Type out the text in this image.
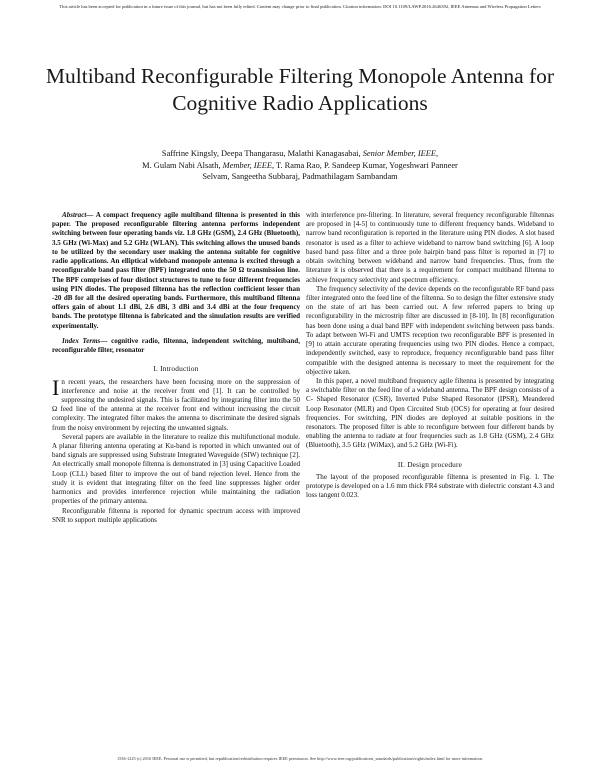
This article has been accepted for publication in a future issue of this journal, but has not been fully edited. Content may change prior to final publication. Citation information: DOI 10.1109/LAWP.2016.2646392, IEEE Antennas and Wireless Propagation Letters
Multiband Reconfigurable Filtering Monopole Antenna for Cognitive Radio Applications
Saffrine Kingsly, Deepa Thangarasu, Malathi Kanagasabai, Senior Member, IEEE,
M. Gulam Nabi Alsath, Member, IEEE, T. Rama Rao, P. Sandeep Kumar, Yogeshwari Panneer
Selvam, Sangeetha Subbaraj, Padmathilagam Sambandam

Abstract— A compact frequency agile multiband filtenna is presented in this paper. The proposed reconfigurable filtering antenna performs independent switching between four operating bands viz. 1.8 GHz (GSM), 2.4 GHz (Bluetooth), 3.5 GHz (Wi-Max) and 5.2 GHz (WLAN). This switching allows the unused bands to be utilized by the secondary user making the antenna suitable for cognitive radio applications. An elliptical wideband monopole antenna is excited through a reconfigurable band pass filter (BPF) integrated onto the 50 Ω transmission line. The BPF comprises of four distinct structures to tune to four different frequencies using PIN diodes. The proposed filtenna has the reflection coefficient lesser than -20 dB for all the desired operating bands. Furthermore, this multiband filtenna offers gain of about 1.1 dBi, 2.6 dBi, 3 dBi and 3.4 dBi at the four frequency bands. The prototype filtenna is fabricated and the simulation results are verified experimentally.

Index Terms— cognitive radio, filtenna, independent switching, multiband, reconfigurable filter, resonator

I. Introduction

In recent years, the researchers have been focusing more on the suppression of interference and noise at the receiver front end [1]. It can be controlled by suppressing the undesired signals. This is facilitated by integrating filter into the 50 Ω feed line of the antenna at the receiver front end without increasing the circuit complexity. The integrated filter makes the antenna to discriminate the desired signals from the noisy environment by rejecting the unwanted signals.

Several papers are available in the literature to realize this multifunctional module. A planar filtering antenna operating at Ku-band is reported in which unwanted out of band signals are suppressed using Substrate Integrated Waveguide (SIW) technique [2]. An electrically small monopole filtenna is demonstrated in [3] using Capacitive Loaded Loop (CLL) based filter to improve the out of band rejection level. Hence from the study it is evident that integrating filter on the feed line suppresses higher order harmonics and provides interference rejection while maintaining the radiation properties of the primary antenna.

Reconfigurable filtenna is reported for dynamic spectrum access with improved SNR to support multiple applications

with interference pre-filtering. In literature, several frequency reconfigurable filtennas are proposed in [4-5] to continuously tune to different frequency bands. Wideband to narrow band reconfiguration is reported in the literature using PIN diodes. A slot based resonator is used as a filter to achieve wideband to narrow band switching [6]. A loop based band pass filter and a three pole hairpin band pass filter is reported in [7] to obtain switching between wideband and narrow band frequencies. Thus, from the literature it is observed that there is a requirement for compact multiband filtenna to achieve frequency selectivity and spectrum efficiency.

The frequency selectivity of the device depends on the reconfigurable RF band pass filter integrated onto the feed line of the filtenna. So to design the filter extensive study on the state of art has been carried out. A few referred papers to bring up reconfigurability in the microstrip filter are discussed in [8-10]. In [8] reconfiguration has been done using a dual band BPF with independent switching between pass bands. To adapt between Wi-Fi and UMTS reception two reconfigurable BPF is presented in [9] to attain accurate operating frequencies using two PIN diodes. Hence a compact, independently switched, easy to reproduce, frequency reconfigurable band pass filter compatible with the designed antenna is necessary to meet the requirement for the objective taken.

In this paper, a novel multiband frequency agile filtenna is presented by integrating a switchable filter on the feed line of a wideband antenna. The BPF design consists of a C- Shaped Resonator (CSR), Inverted Pulse Shaped Resonator (IPSR), Meandered Loop Resonator (MLR) and Open Circuited Stub (OCS) for operating at four desired frequencies. For switching, PIN diodes are deployed at suitable positions in the resonators. The proposed filter is able to reconfigure between four different bands by enabling the antenna to radiate at four frequencies such as 1.8 GHz (GSM), 2.4 GHz (Bluetooth), 3.5 GHz (WiMax), and 5.2 GHz (Wi-Fi).

II. Design procedure

The layout of the proposed reconfigurable filtenna is presented in Fig. 1. The prototype is developed on a 1.6 mm thick FR4 substrate with dielectric constant 4.3 and loss tangent 0.023.

1536-1225 (c) 2016 IEEE. Personal use is permitted, but republication/redistribution requires IEEE permission. See http://www.ieee.org/publications_standards/publications/rights/index.html for more information.
